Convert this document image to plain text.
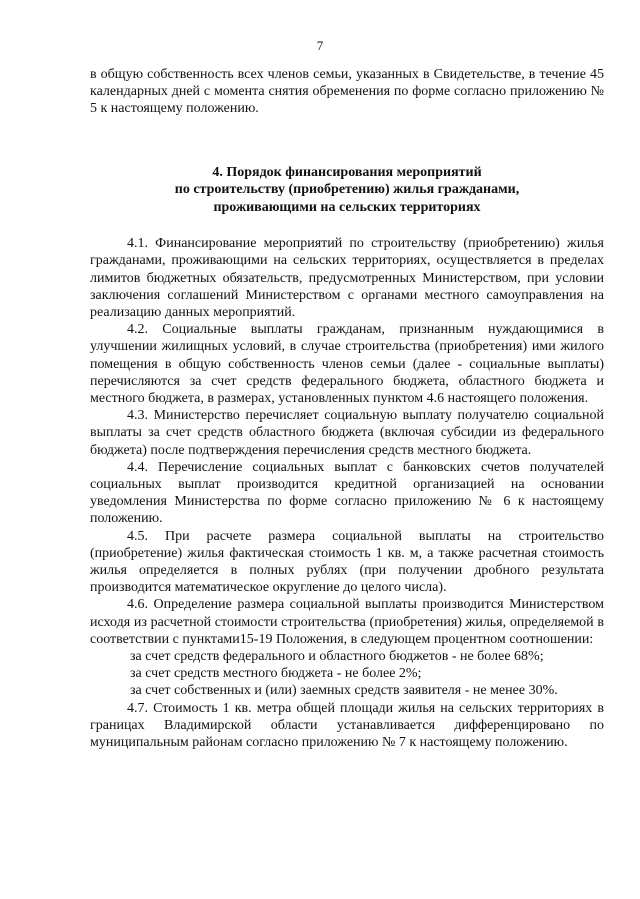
7

в общую собственность всех членов семьи, указанных в Свидетельстве, в течение 45 календарных дней с момента снятия обременения по форме согласно приложению № 5 к настоящему положению.

4. Порядок финансирования мероприятий
по строительству (приобретению) жилья гражданами,
проживающими на сельских территориях

4.1. Финансирование мероприятий по строительству (приобретению) жилья гражданами, проживающими на сельских территориях, осуществляется в пределах лимитов бюджетных обязательств, предусмотренных Министерством, при условии заключения соглашений Министерством с органами местного самоуправления на реализацию данных мероприятий.

4.2. Социальные выплаты гражданам, признанным нуждающимися в улучшении жилищных условий, в случае строительства (приобретения) ими жилого помещения в общую собственность членов семьи (далее - социальные выплаты) перечисляются за счет средств федерального бюджета, областного бюджета и местного бюджета, в размерах, установленных пунктом 4.6 настоящего положения.

4.3. Министерство перечисляет социальную выплату получателю социальной выплаты за счет средств областного бюджета (включая субсидии из федерального бюджета) после подтверждения перечисления средств местного бюджета.

4.4. Перечисление социальных выплат с банковских счетов получателей социальных выплат производится кредитной организацией на основании уведомления Министерства по форме согласно приложению № 6 к настоящему положению.

4.5. При расчете размера социальной выплаты на строительство (приобретение) жилья фактическая стоимость 1 кв. м, а также расчетная стоимость жилья определяется в полных рублях (при получении дробного результата производится математическое округление до целого числа).

4.6. Определение размера социальной выплаты производится Министерством исходя из расчетной стоимости строительства (приобретения) жилья, определяемой в соответствии с пунктами15-19 Положения, в следующем процентном соотношении:

за счет средств федерального и областного бюджетов - не более 68%;

за счет средств местного бюджета - не более 2%;

за счет собственных и (или) заемных средств заявителя - не менее 30%.

4.7. Стоимость 1 кв. метра общей площади жилья на сельских территориях в границах Владимирской области устанавливается дифференцировано по муниципальным районам согласно приложению № 7 к настоящему положению.
